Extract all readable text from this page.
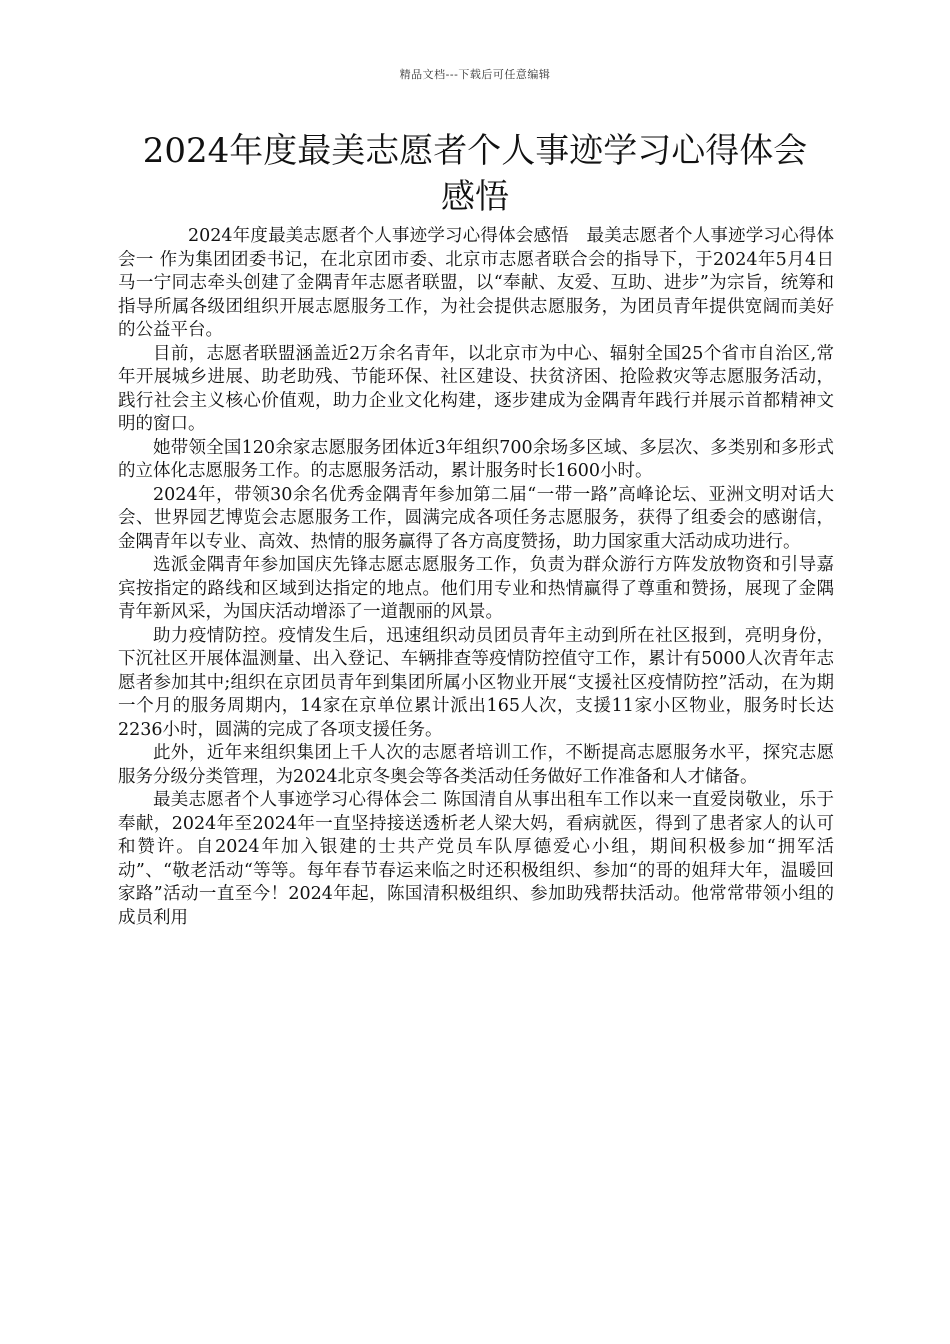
精品文档---下载后可任意编辑
2024年度最美志愿者个人事迹学习心得体会感悟

2024年度最美志愿者个人事迹学习心得体会感悟　最美志愿者个人事迹学习心得体会一 作为集团团委书记，在北京团市委、北京市志愿者联合会的指导下，于2024年5月4日马一宁同志牵头创建了金隅青年志愿者联盟，以“奉献、友爱、互助、进步”为宗旨，统筹和指导所属各级团组织开展志愿服务工作，为社会提供志愿服务，为团员青年提供宽阔而美好的公益平台。

目前，志愿者联盟涵盖近2万余名青年，以北京市为中心、辐射全国25个省市自治区,常年开展城乡进展、助老助残、节能环保、社区建设、扶贫济困、抢险救灾等志愿服务活动，践行社会主义核心价值观，助力企业文化构建，逐步建成为金隅青年践行并展示首都精神文明的窗口。

她带领全国120余家志愿服务团体近3年组织700余场多区域、多层次、多类别和多形式的立体化志愿服务工作。的志愿服务活动，累计服务时长1600小时。

2024年，带领30余名优秀金隅青年参加第二届“一带一路”高峰论坛、亚洲文明对话大会、世界园艺博览会志愿服务工作，圆满完成各项任务志愿服务，获得了组委会的感谢信，金隅青年以专业、高效、热情的服务赢得了各方高度赞扬，助力国家重大活动成功进行。

选派金隅青年参加国庆先锋志愿志愿服务工作，负责为群众游行方阵发放物资和引导嘉宾按指定的路线和区域到达指定的地点。他们用专业和热情赢得了尊重和赞扬，展现了金隅青年新风采，为国庆活动增添了一道靓丽的风景。

助力疫情防控。疫情发生后，迅速组织动员团员青年主动到所在社区报到，亮明身份，下沉社区开展体温测量、出入登记、车辆排查等疫情防控值守工作，累计有5000人次青年志愿者参加其中;组织在京团员青年到集团所属小区物业开展“支援社区疫情防控”活动，在为期一个月的服务周期内，14家在京单位累计派出165人次，支援11家小区物业，服务时长达2236小时，圆满的完成了各项支援任务。

此外，近年来组织集团上千人次的志愿者培训工作，不断提高志愿服务水平，探究志愿服务分级分类管理，为2024北京冬奥会等各类活动任务做好工作准备和人才储备。

最美志愿者个人事迹学习心得体会二 陈国清自从事出租车工作以来一直爱岗敬业，乐于奉献，2024年至2024年一直坚持接送透析老人梁大妈，看病就医，得到了患者家人的认可和赞许。自2024年加入银建的士共产党员车队厚德爱心小组，期间积极参加“拥军活动”、“敬老活动“等等。每年春节春运来临之时还积极组织、参加“的哥的姐拜大年，温暖回家路”活动一直至今！2024年起，陈国清积极组织、参加助残帮扶活动。他常常带领小组的成员利用
